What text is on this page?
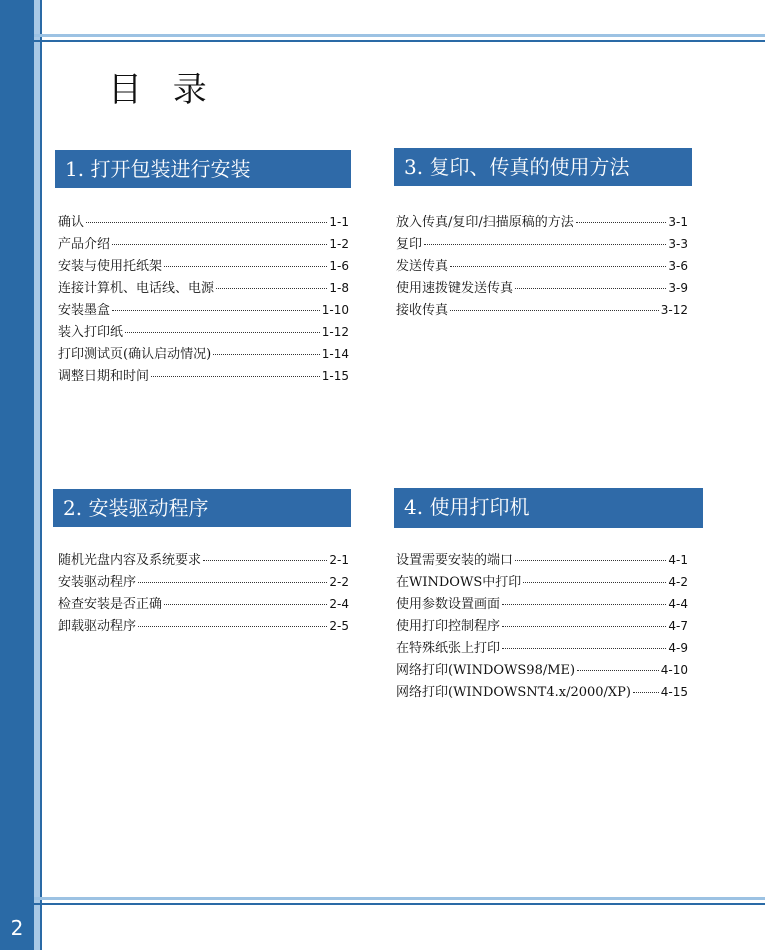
2
目 录
1. 打开包装进行安装
确认	1-1
产品介绍	1-2
安装与使用托纸架	1-6
连接计算机、电话线、电源	1-8
安装墨盒	1-10
装入打印纸	1-12
打印测试页(确认启动情况)	1-14
调整日期和时间	1-15
2. 安装驱动程序
随机光盘内容及系统要求	2-1
安装驱动程序	2-2
检查安装是否正确	2-4
卸载驱动程序	2-5
3. 复印、传真的使用方法
放入传真/复印/扫描原稿的方法	3-1
复印	3-3
发送传真	3-6
使用速拨键发送传真	3-9
接收传真	3-12
4. 使用打印机
设置需要安装的端口	4-1
在WINDOWS中打印	4-2
使用参数设置画面	4-4
使用打印控制程序	4-7
在特殊纸张上打印	4-9
网络打印(WINDOWS98/ME)	4-10
网络打印(WINDOWSNT4.x/2000/XP) 4-15
